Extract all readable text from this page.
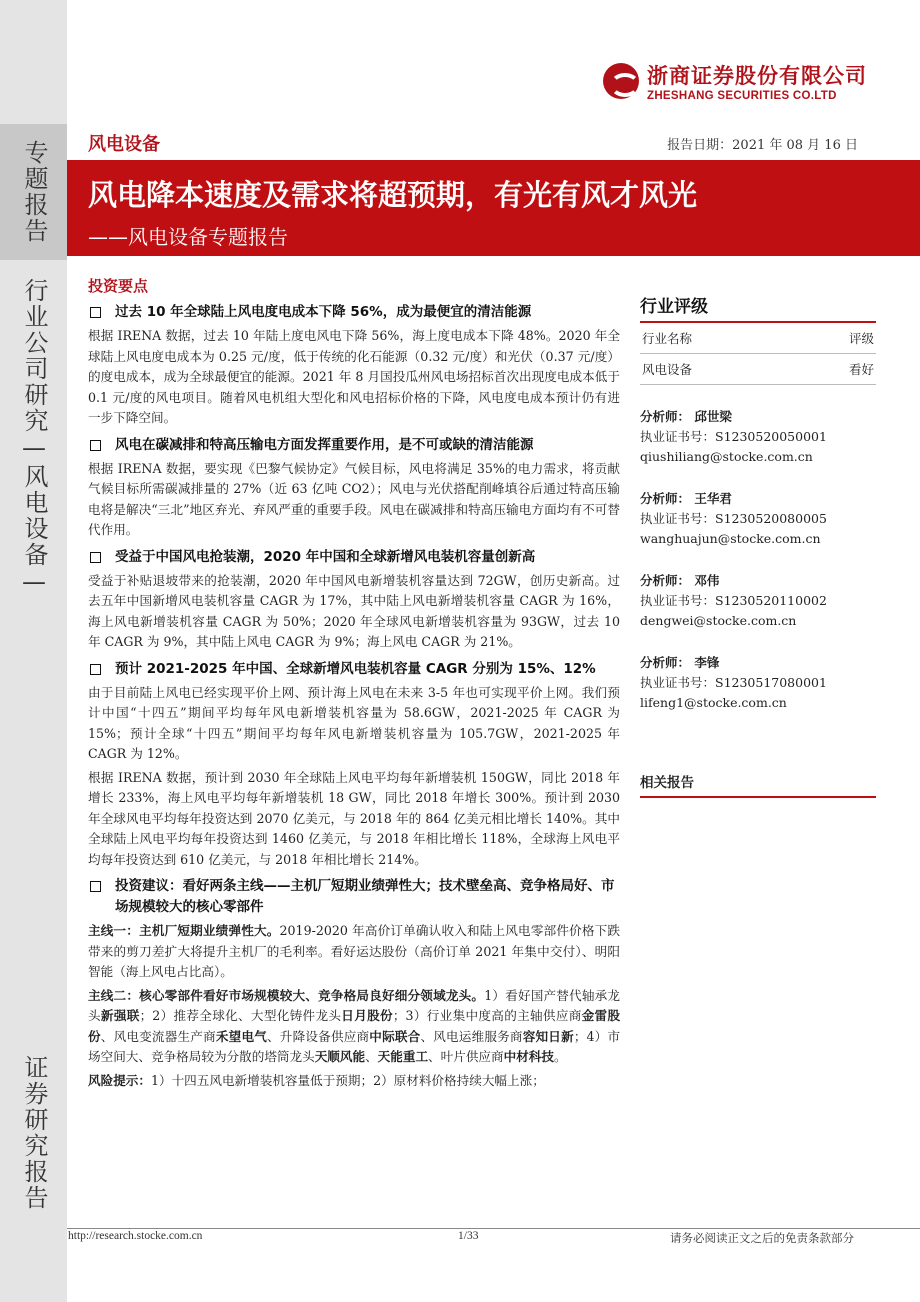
专题报告
行业公司研究—风电设备—
证券研究报告
浙商证券股份有限公司
ZHESHANG SECURITIES CO.LTD
风电设备	报告日期：2021 年 08 月 16 日
风电降本速度及需求将超预期，有光有风才风光
——风电设备专题报告
投资要点
过去 10 年全球陆上风电度电成本下降 56%，成为最便宜的清洁能源

根据 IRENA 数据，过去 10 年陆上度电风电下降 56%，海上度电成本下降 48%。2020 年全球陆上风电度电成本为 0.25 元/度，低于传统的化石能源（0.32 元/度）和光伏（0.37 元/度）的度电成本，成为全球最便宜的能源。2021 年 8 月国投瓜州风电场招标首次出现度电成本低于 0.1 元/度的风电项目。随着风电机组大型化和风电招标价格的下降，风电度电成本预计仍有进一步下降空间。

风电在碳减排和特高压输电方面发挥重要作用，是不可或缺的清洁能源

根据 IRENA 数据，要实现《巴黎气候协定》气候目标，风电将满足 35%的电力需求，将贡献气候目标所需碳减排量的 27%（近 63 亿吨 CO2）；风电与光伏搭配削峰填谷后通过特高压输电将是解决“三北”地区弃光、弃风严重的重要手段。风电在碳减排和特高压输电方面均有不可替代作用。

受益于中国风电抢装潮，2020 年中国和全球新增风电装机容量创新高

受益于补贴退坡带来的抢装潮，2020 年中国风电新增装机容量达到 72GW，创历史新高。过去五年中国新增风电装机容量 CAGR 为 17%，其中陆上风电新增装机容量 CAGR 为 16%，海上风电新增装机容量 CAGR 为 50%；2020 年全球风电新增装机容量为 93GW，过去 10 年 CAGR 为 9%，其中陆上风电 CAGR 为 9%；海上风电 CAGR 为 21%。

预计 2021-2025 年中国、全球新增风电装机容量 CAGR 分别为 15%、12%

由于目前陆上风电已经实现平价上网、预计海上风电在未来 3-5 年也可实现平价上网。我们预计中国“十四五”期间平均每年风电新增装机容量为 58.6GW，2021-2025 年 CAGR 为 15%；预计全球“十四五”期间平均每年风电新增装机容量为 105.7GW，2021-2025 年 CAGR 为 12%。

根据 IRENA 数据，预计到 2030 年全球陆上风电平均每年新增装机 150GW，同比 2018 年增长 233%，海上风电平均每年新增装机 18 GW，同比 2018 年增长 300%。预计到 2030 年全球风电平均每年投资达到 2070 亿美元，与 2018 年的 864 亿美元相比增长 140%。其中全球陆上风电平均每年投资达到 1460 亿美元，与 2018 年相比增长 118%，全球海上风电平均每年投资达到 610 亿美元，与 2018 年相比增长 214%。

投资建议：看好两条主线——主机厂短期业绩弹性大；技术壁垒高、竞争格局好、市场规模较大的核心零部件

主线一：主机厂短期业绩弹性大。2019-2020 年高价订单确认收入和陆上风电零部件价格下跌带来的剪刀差扩大将提升主机厂的毛利率。看好运达股份（高价订单 2021 年集中交付）、明阳智能（海上风电占比高）。

主线二：核心零部件看好市场规模较大、竞争格局良好细分领域龙头。1）看好国产替代轴承龙头新强联；2）推荐全球化、大型化铸件龙头日月股份；3）行业集中度高的主轴供应商金雷股份、风电变流器生产商禾望电气、升降设备供应商中际联合、风电运维服务商容知日新；4）市场空间大、竞争格局较为分散的塔筒龙头天顺风能、天能重工、叶片供应商中材科技。

风险提示：1）十四五风电新增装机容量低于预期；2）原材料价格持续大幅上涨；

行业评级
行业名称	评级
风电设备	看好
分析师： 邱世梁
执业证书号：S1230520050001
qiushiliang@stocke.com.cn
分析师： 王华君
执业证书号：S1230520080005
wanghuajun@stocke.com.cn
分析师： 邓伟
执业证书号：S1230520110002
dengwei@stocke.com.cn
分析师： 李锋
执业证书号：S1230517080001
lifeng1@stocke.com.cn
相关报告
http://research.stocke.com.cn	1/33	请务必阅读正文之后的免责条款部分
